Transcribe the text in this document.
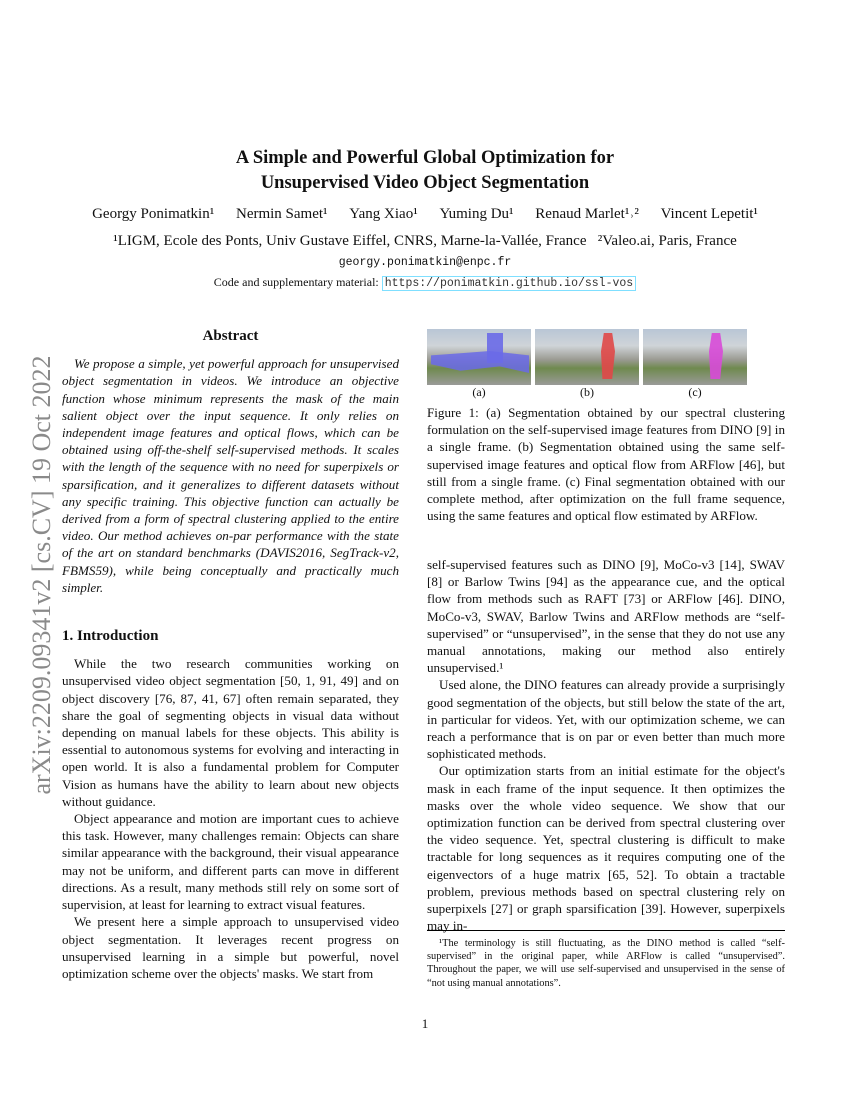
arXiv:2209.09341v2 [cs.CV] 19 Oct 2022
A Simple and Powerful Global Optimization for
Unsupervised Video Object Segmentation
Georgy Ponimatkin¹ Nermin Samet¹ Yang Xiao¹ Yuming Du¹ Renaud Marlet¹˒² Vincent Lepetit¹
¹LIGM, Ecole des Ponts, Univ Gustave Eiffel, CNRS, Marne-la-Vallée, France   ²Valeo.ai, Paris, France
georgy.ponimatkin@enpc.fr
Code and supplementary material: https://ponimatkin.github.io/ssl-vos
Abstract

We propose a simple, yet powerful approach for unsupervised object segmentation in videos. We introduce an objective function whose minimum represents the mask of the main salient object over the input sequence. It only relies on independent image features and optical flows, which can be obtained using off-the-shelf self-supervised methods. It scales with the length of the sequence with no need for superpixels or sparsification, and it generalizes to different datasets without any specific training. This objective function can actually be derived from a form of spectral clustering applied to the entire video. Our method achieves on-par performance with the state of the art on standard benchmarks (DAVIS2016, SegTrack-v2, FBMS59), while being conceptually and practically much simpler.

1. Introduction

While the two research communities working on unsupervised video object segmentation [50, 1, 91, 49] and on object discovery [76, 87, 41, 67] often remain separated, they share the goal of segmenting objects in visual data without depending on manual labels for these objects. This ability is essential to autonomous systems for evolving and interacting in open world. It is also a fundamental problem for Computer Vision as humans have the ability to learn about new objects without guidance.

Object appearance and motion are important cues to achieve this task. However, many challenges remain: Objects can share similar appearance with the background, their visual appearance may not be uniform, and different parts can move in different directions. As a result, many methods still rely on some sort of supervision, at least for learning to extract visual features.

We present here a simple approach to unsupervised video object segmentation. It leverages recent progress on unsupervised learning in a simple but powerful, novel optimization scheme over the objects' masks. We start from

(a)	(b)	(c)
Figure 1: (a) Segmentation obtained by our spectral clustering formulation on the self-supervised image features from DINO [9] in a single frame. (b) Segmentation obtained using the same self-supervised image features and optical flow from ARFlow [46], but still from a single frame. (c) Final segmentation obtained with our complete method, after optimization on the full frame sequence, using the same features and optical flow estimated by ARFlow.

self-supervised features such as DINO [9], MoCo-v3 [14], SWAV [8] or Barlow Twins [94] as the appearance cue, and the optical flow from methods such as RAFT [73] or ARFlow [46]. DINO, MoCo-v3, SWAV, Barlow Twins and ARFlow methods are “self-supervised” or “unsupervised”, in the sense that they do not use any manual annotations, making our method also entirely unsupervised.¹

Used alone, the DINO features can already provide a surprisingly good segmentation of the objects, but still below the state of the art, in particular for videos. Yet, with our optimization scheme, we can reach a performance that is on par or even better than much more sophisticated methods.

Our optimization starts from an initial estimate for the object's mask in each frame of the input sequence. It then optimizes the masks over the whole video sequence. We show that our optimization function can be derived from spectral clustering over the video sequence. Yet, spectral clustering is difficult to make tractable for long sequences as it requires computing one of the eigenvectors of a huge matrix [65, 52]. To obtain a tractable problem, previous methods based on spectral clustering rely on superpixels [27] or graph sparsification [39]. However, superpixels may in-

¹The terminology is still fluctuating, as the DINO method is called “self-supervised” in the original paper, while ARFlow is called “unsupervised”. Throughout the paper, we will use self-supervised and unsupervised in the sense of “not using manual annotations”.
1
